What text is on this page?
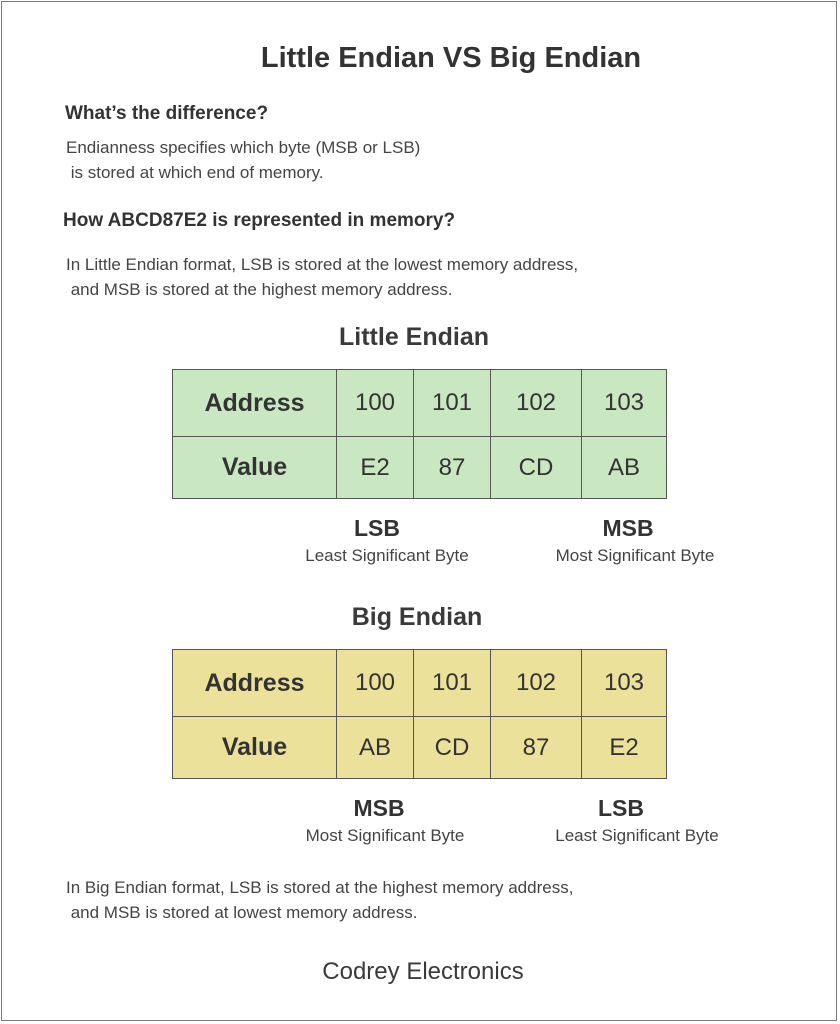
Little Endian VS Big Endian
What’s the difference?
Endianness specifies which byte (MSB or LSB)
is stored at which end of memory.
How ABCD87E2 is represented in memory?
In Little Endian format, LSB is stored at the lowest memory address,
and MSB is stored at the highest memory address.
Little Endian
Address	100	101	102	103
Value	E2	87	CD	AB
LSB
Least Significant Byte
MSB
Most Significant Byte
Big Endian
Address	100	101	102	103
Value	AB	CD	87	E2
MSB
Most Significant Byte
LSB
Least Significant Byte
In Big Endian format, LSB is stored at the highest memory address,
and MSB is stored at lowest memory address.
Codrey Electronics
